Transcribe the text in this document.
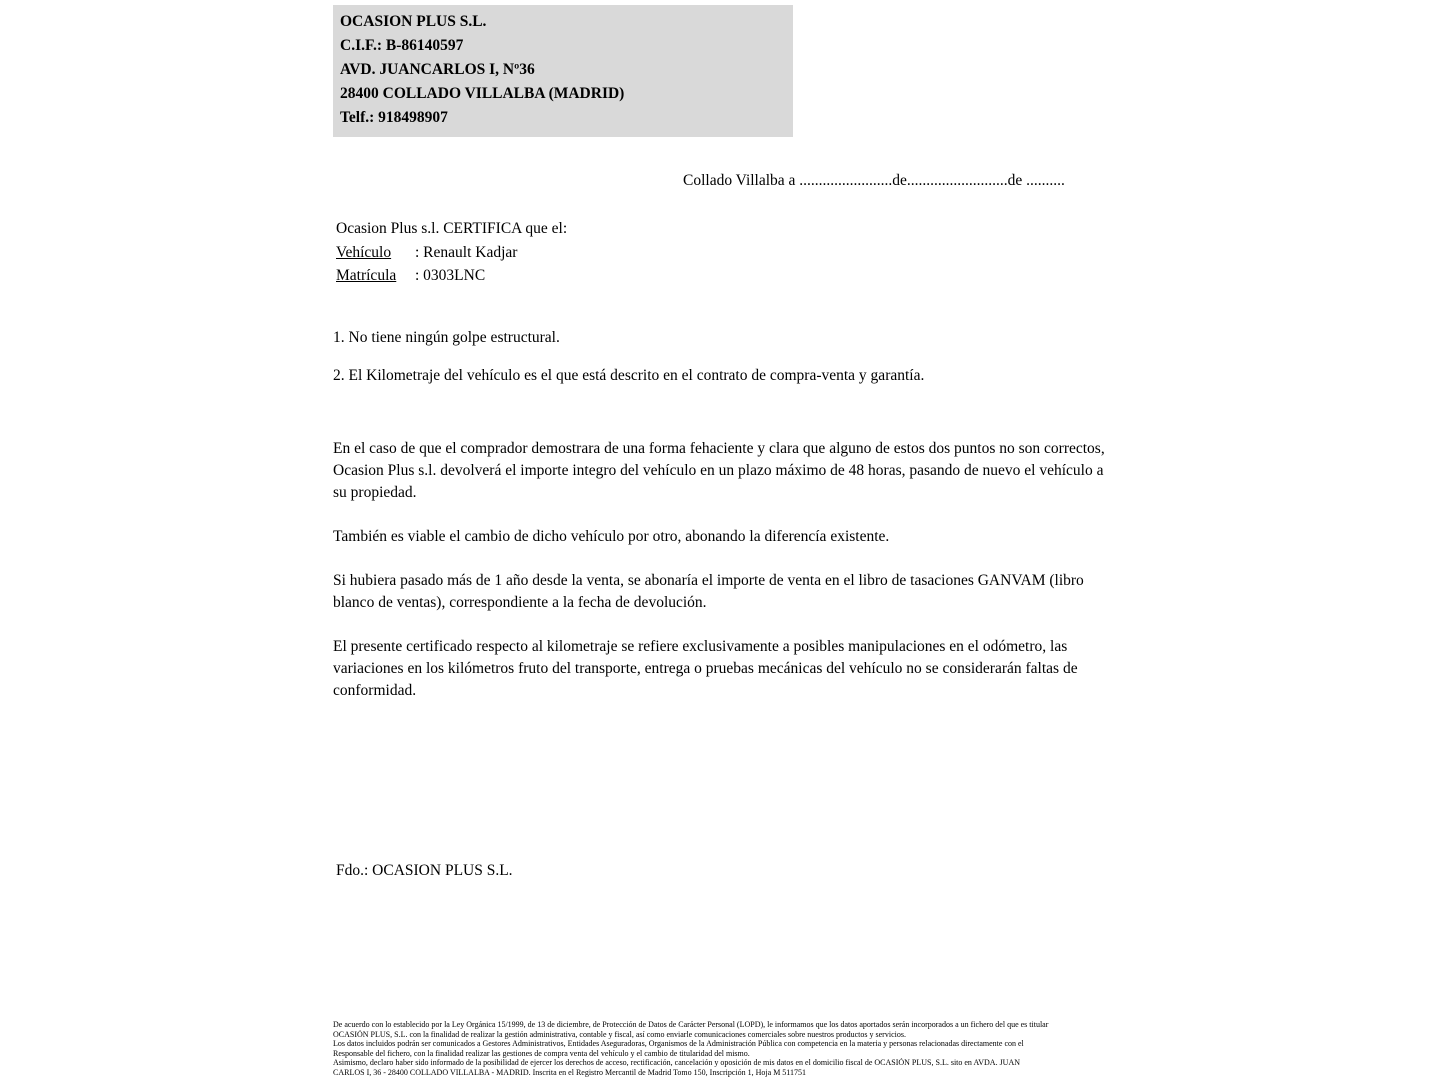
OCASION PLUS S.L.
C.I.F.: B-86140597
AVD. JUANCARLOS I, Nº36
28400 COLLADO VILLALBA (MADRID)
Telf.: 918498907
Collado Villalba a ........................de..........................de ..........
Ocasion Plus s.l. CERTIFICA que el:
Vehículo : Renault Kadjar
Matrícula : 0303LNC
1. No tiene ningún golpe estructural.
2. El Kilometraje del vehículo es el que está descrito en el contrato de compra-venta y garantía.
En el caso de que el comprador demostrara de una forma fehaciente y clara que alguno de estos dos puntos no son correctos, Ocasion Plus s.l. devolverá el importe integro del vehículo en un plazo máximo de 48 horas, pasando de nuevo el vehículo a su propiedad.
También es viable el cambio de dicho vehículo por otro, abonando la diferencía existente.
Si hubiera pasado más de 1 año desde la venta, se abonaría el importe de venta en el libro de tasaciones GANVAM (libro blanco de ventas), correspondiente a la fecha de devolución.
El presente certificado respecto al kilometraje se refiere exclusivamente a posibles manipulaciones en el odómetro, las variaciones en los kilómetros fruto del transporte, entrega o pruebas mecánicas del vehículo no se considerarán faltas de conformidad.
Fdo.: OCASION PLUS S.L.
De acuerdo con lo establecido por la Ley Orgánica 15/1999, de 13 de diciembre, de Protección de Datos de Carácter Personal (LOPD), le informamos que los datos aportados serán incorporados a un fichero del que es titular
OCASIÓN PLUS, S.L. con la finalidad de realizar la gestión administrativa, contable y fiscal, así como enviarle comunicaciones comerciales sobre nuestros productos y servicios.
Los datos incluidos podrán ser comunicados a Gestores Administrativos, Entidades Aseguradoras, Organismos de la Administración Pública con competencia en la materia y personas relacionadas directamente con el
Responsable del fichero, con la finalidad realizar las gestiones de compra venta del vehículo y el cambio de titularidad del mismo.
Asimismo, declaro haber sido informado de la posibilidad de ejercer los derechos de acceso, rectificación, cancelación y oposición de mis datos en el domicilio fiscal de OCASIÓN PLUS, S.L. sito en AVDA. JUAN
CARLOS I, 36 - 28400 COLLADO VILLALBA - MADRID. Inscrita en el Registro Mercantil de Madrid Tomo 150, Inscripción 1, Hoja M 511751
